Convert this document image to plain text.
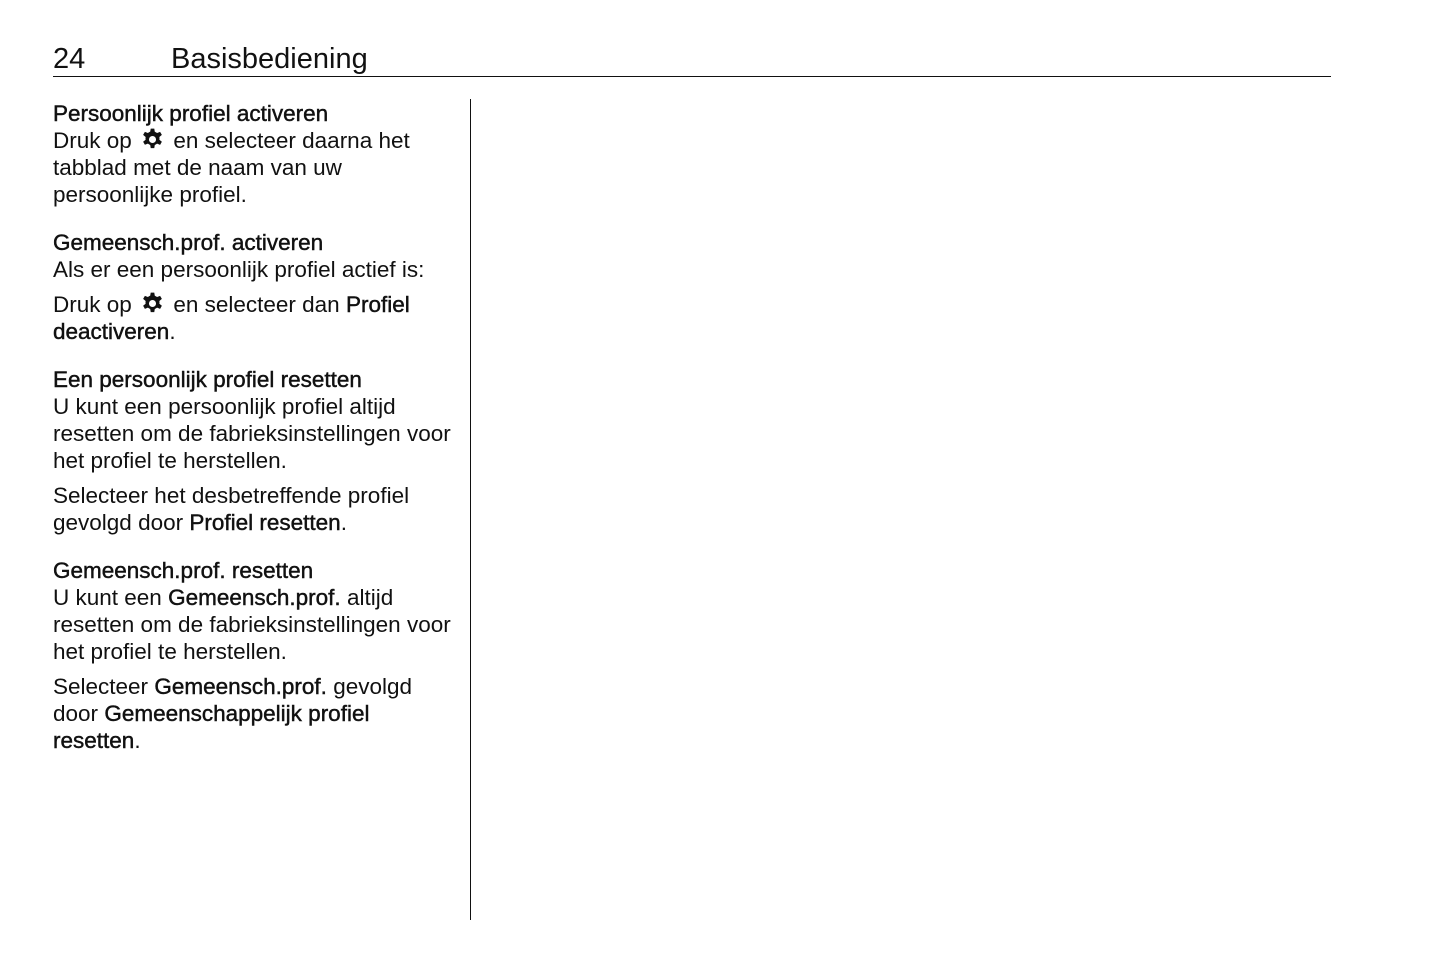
24	Basisbediening
Persoonlijk profiel activeren

Druk op en selecteer daarna het tabblad met de naam van uw persoonlijke profiel.

Gemeensch.prof. activeren

Als er een persoonlijk profiel actief is:

Druk op en selecteer dan Profiel deactiveren.

Een persoonlijk profiel resetten

U kunt een persoonlijk profiel altijd resetten om de fabrieksinstellingen voor het profiel te herstellen.

Selecteer het desbetreffende profiel gevolgd door Profiel resetten.

Gemeensch.prof. resetten

U kunt een Gemeensch.prof. altijd resetten om de fabrieksinstellingen voor het profiel te herstellen.

Selecteer Gemeensch.prof. gevolgd door Gemeenschappelijk profiel resetten.
